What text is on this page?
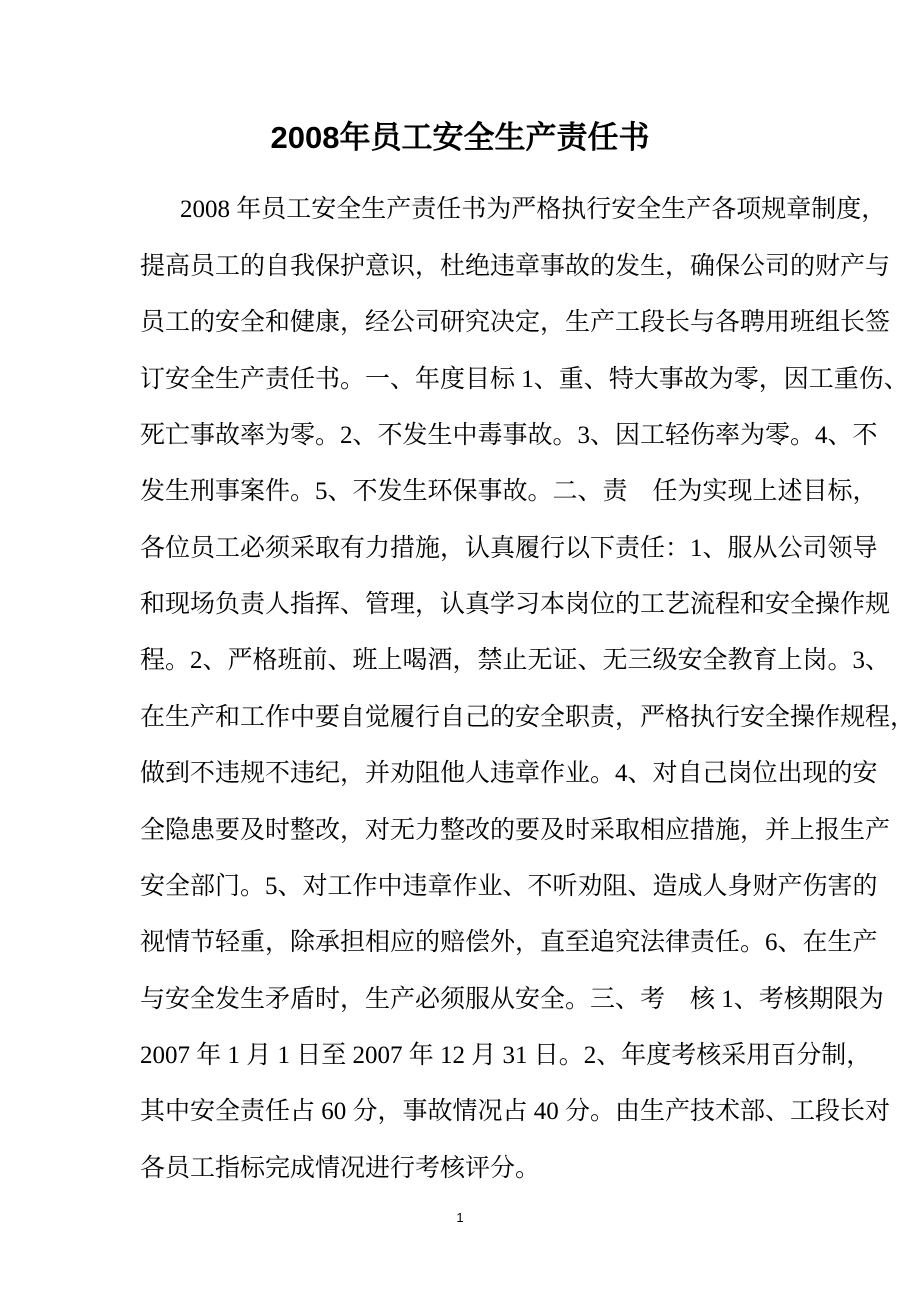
2008年员工安全生产责任书
2008 年员工安全生产责任书为严格执行安全生产各项规章制度，
提高员工的自我保护意识，杜绝违章事故的发生，确保公司的财产与
员工的安全和健康，经公司研究决定，生产工段长与各聘用班组长签
订安全生产责任书。一、年度目标 1、重、特大事故为零，因工重伤、
死亡事故率为零。2、不发生中毒事故。3、因工轻伤率为零。4、不
发生刑事案件。5、不发生环保事故。二、责　任为实现上述目标，
各位员工必须采取有力措施，认真履行以下责任：1、服从公司领导
和现场负责人指挥、管理，认真学习本岗位的工艺流程和安全操作规
程。2、严格班前、班上喝酒，禁止无证、无三级安全教育上岗。3、
在生产和工作中要自觉履行自己的安全职责，严格执行安全操作规程，
做到不违规不违纪，并劝阻他人违章作业。4、对自己岗位出现的安
全隐患要及时整改，对无力整改的要及时采取相应措施，并上报生产
安全部门。5、对工作中违章作业、不听劝阻、造成人身财产伤害的
视情节轻重，除承担相应的赔偿外，直至追究法律责任。6、在生产
与安全发生矛盾时，生产必须服从安全。三、考　核 1、考核期限为
2007 年 1 月 1 日至 2007 年 12 月 31 日。2、年度考核采用百分制，
其中安全责任占 60 分，事故情况占 40 分。由生产技术部、工段长对
各员工指标完成情况进行考核评分。
1
